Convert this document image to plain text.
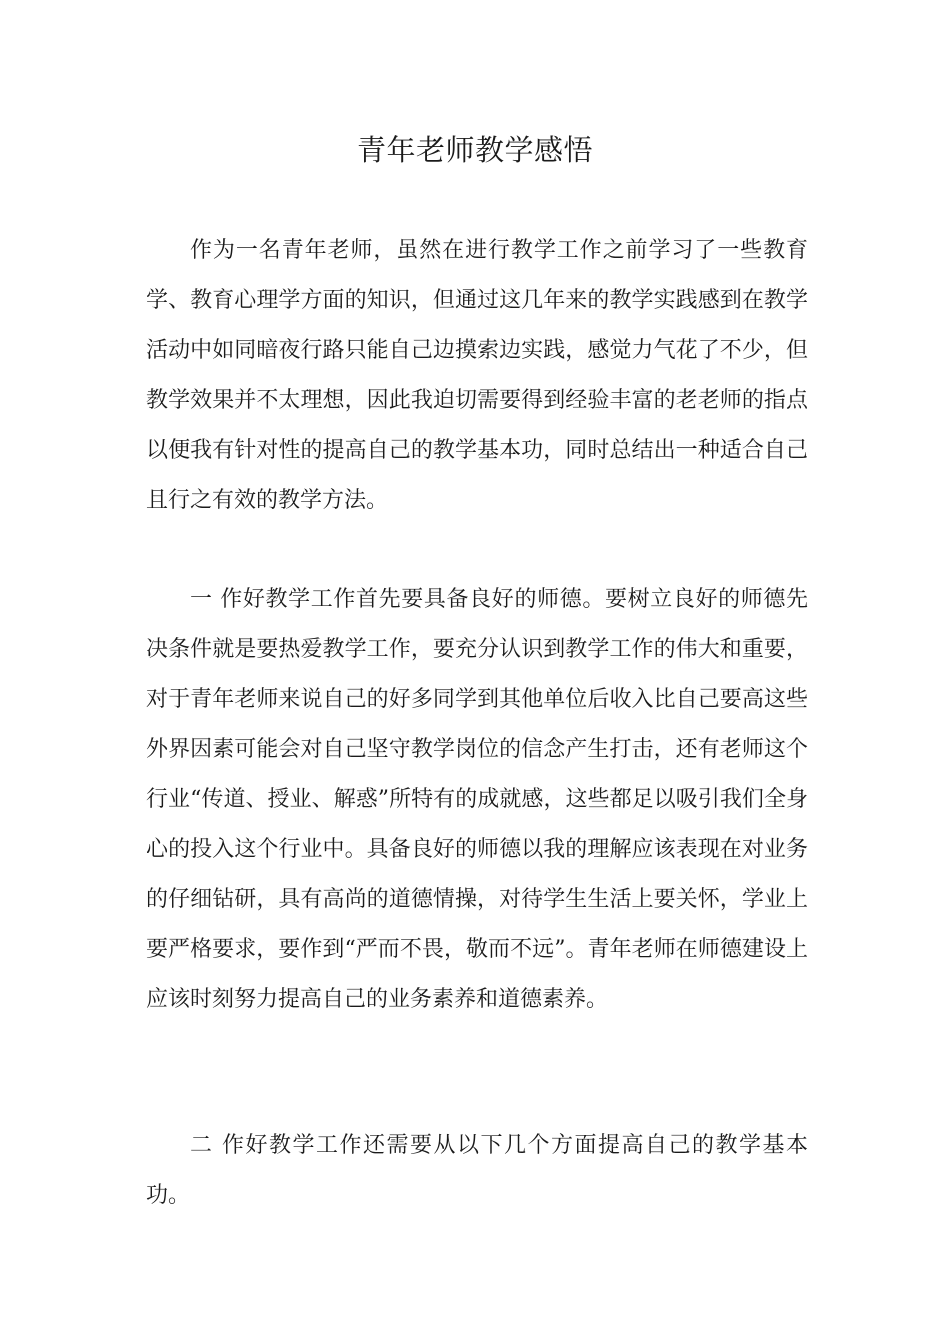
青年老师教学感悟

作为一名青年老师，虽然在进行教学工作之前学习了一些教育学、教育心理学方面的知识，但通过这几年来的教学实践感到在教学活动中如同暗夜行路只能自己边摸索边实践，感觉力气花了不少，但教学效果并不太理想，因此我迫切需要得到经验丰富的老老师的指点以便我有针对性的提高自己的教学基本功，同时总结出一种适合自己且行之有效的教学方法。

一 作好教学工作首先要具备良好的师德。要树立良好的师德先决条件就是要热爱教学工作，要充分认识到教学工作的伟大和重要，对于青年老师来说自己的好多同学到其他单位后收入比自己要高这些外界因素可能会对自己坚守教学岗位的信念产生打击，还有老师这个行业“传道、授业、解惑”所特有的成就感，这些都足以吸引我们全身心的投入这个行业中。具备良好的师德以我的理解应该表现在对业务的仔细钻研，具有高尚的道德情操，对待学生生活上要关怀，学业上要严格要求，要作到“严而不畏，敬而不远”。青年老师在师德建设上应该时刻努力提高自己的业务素养和道德素养。

二 作好教学工作还需要从以下几个方面提高自己的教学基本功。
